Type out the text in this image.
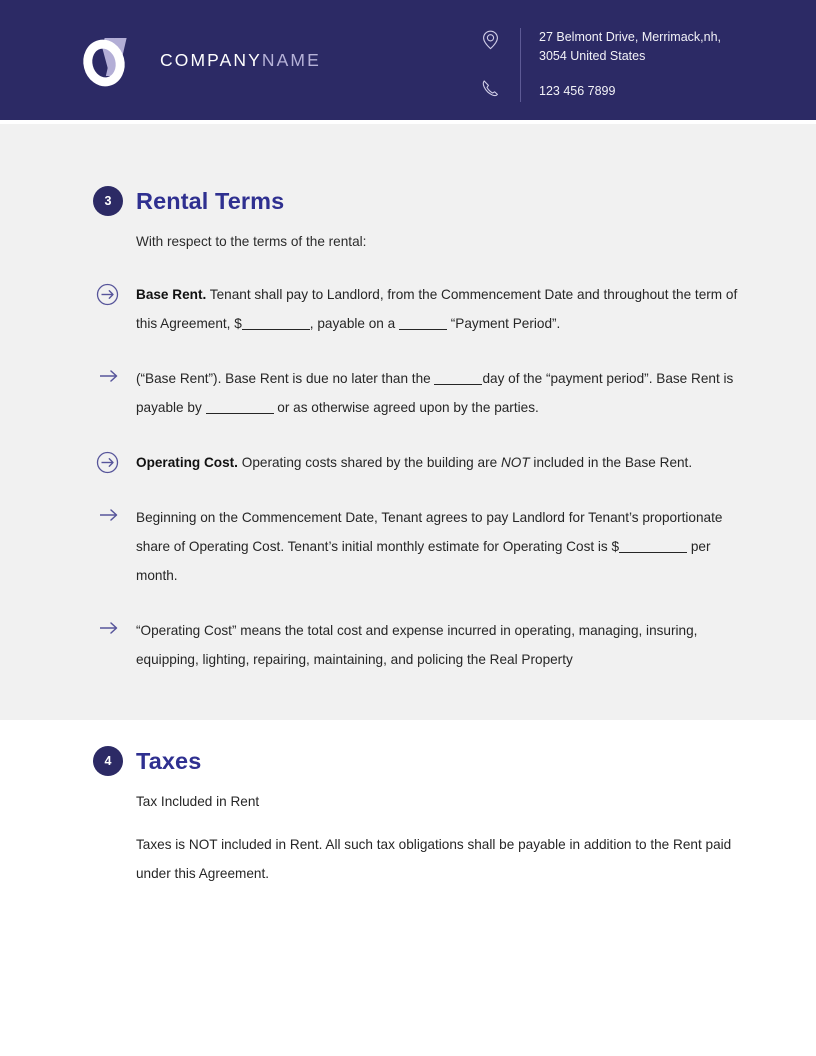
COMPANYNAME
27 Belmont Drive, Merrimack,nh,
3054 United States
123 456 7899
3	Rental Terms
With respect to the terms of the rental:
Base Rent. Tenant shall pay to Landlord, from the Commencement Date and throughout the term of this Agreement, $	, payable on a	“Payment Period”.
(“Base Rent”). Base Rent is due no later than the	day of the “payment period”. Base Rent is payable by	or as otherwise agreed upon by the parties.
Operating Cost. Operating costs shared by the building are NOT included in the Base Rent.
Beginning on the Commencement Date, Tenant agrees to pay Landlord for Tenant’s proportionate share of Operating Cost. Tenant’s initial monthly estimate for Operating Cost is $	per month.
“Operating Cost” means the total cost and expense incurred in operating, managing, insuring, equipping, lighting, repairing, maintaining, and policing the Real Property
4	Taxes
Tax Included in Rent
Taxes is NOT included in Rent. All such tax obligations shall be payable in addition to the Rent paid under this Agreement.
